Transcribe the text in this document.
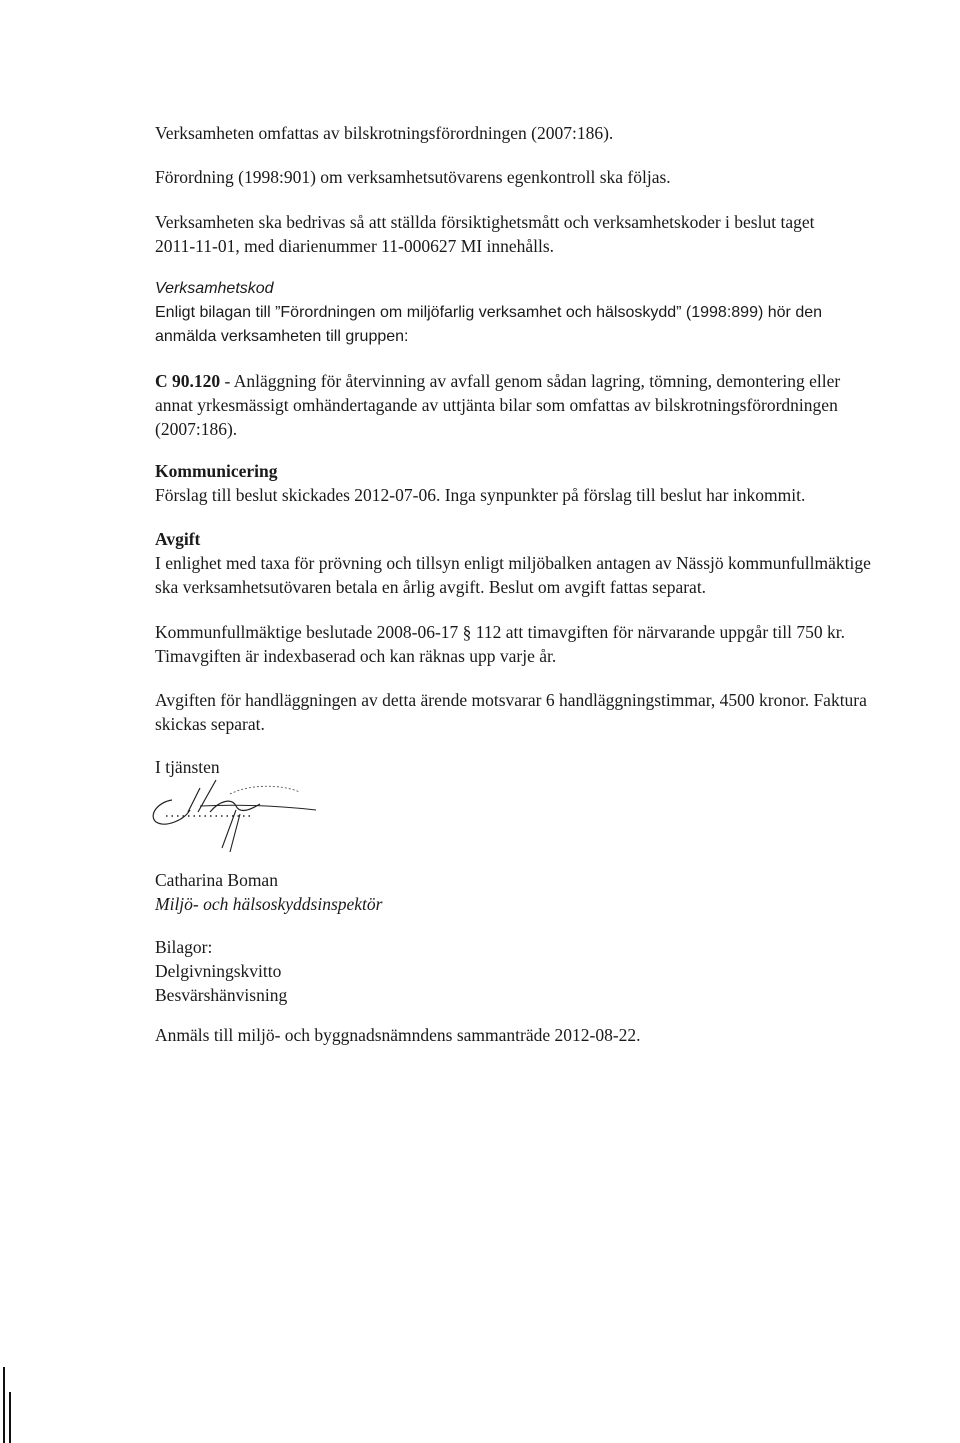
Verksamheten omfattas av bilskrotningsförordningen (2007:186).

Förordning (1998:901) om verksamhetsutövarens egenkontroll ska följas.

Verksamheten ska bedrivas så att ställda försiktighetsmått och verksamhetskoder i beslut taget
2011-11-01, med diarienummer 11-000627 MI innehålls.
Verksamhetskod
Enligt bilagan till ”Förordningen om miljöfarlig verksamhet och hälsoskydd” (1998:899) hör den
anmälda verksamheten till gruppen:
C 90.120 - Anläggning för återvinning av avfall genom sådan lagring, tömning, demontering eller
annat yrkesmässigt omhändertagande av uttjänta bilar som omfattas av bilskrotningsförordningen
(2007:186).
Kommunicering
Förslag till beslut skickades 2012-07-06. Inga synpunkter på förslag till beslut har inkommit.
Avgift
I enlighet med taxa för prövning och tillsyn enligt miljöbalken antagen av Nässjö kommunfullmäktige
ska verksamhetsutövaren betala en årlig avgift. Beslut om avgift fattas separat.
Kommunfullmäktige beslutade 2008-06-17 § 112 att timavgiften för närvarande uppgår till 750 kr.
Timavgiften är indexbaserad och kan räknas upp varje år.
Avgiften för handläggningen av detta ärende motsvarar 6 handläggningstimmar, 4500 kronor. Faktura
skickas separat.

I tjänsten

Catharina Boman
Miljö- och hälsoskyddsinspektör
Bilagor:
Delgivningskvitto
Besvärshänvisning

Anmäls till miljö- och byggnadsnämndens sammanträde 2012-08-22.
